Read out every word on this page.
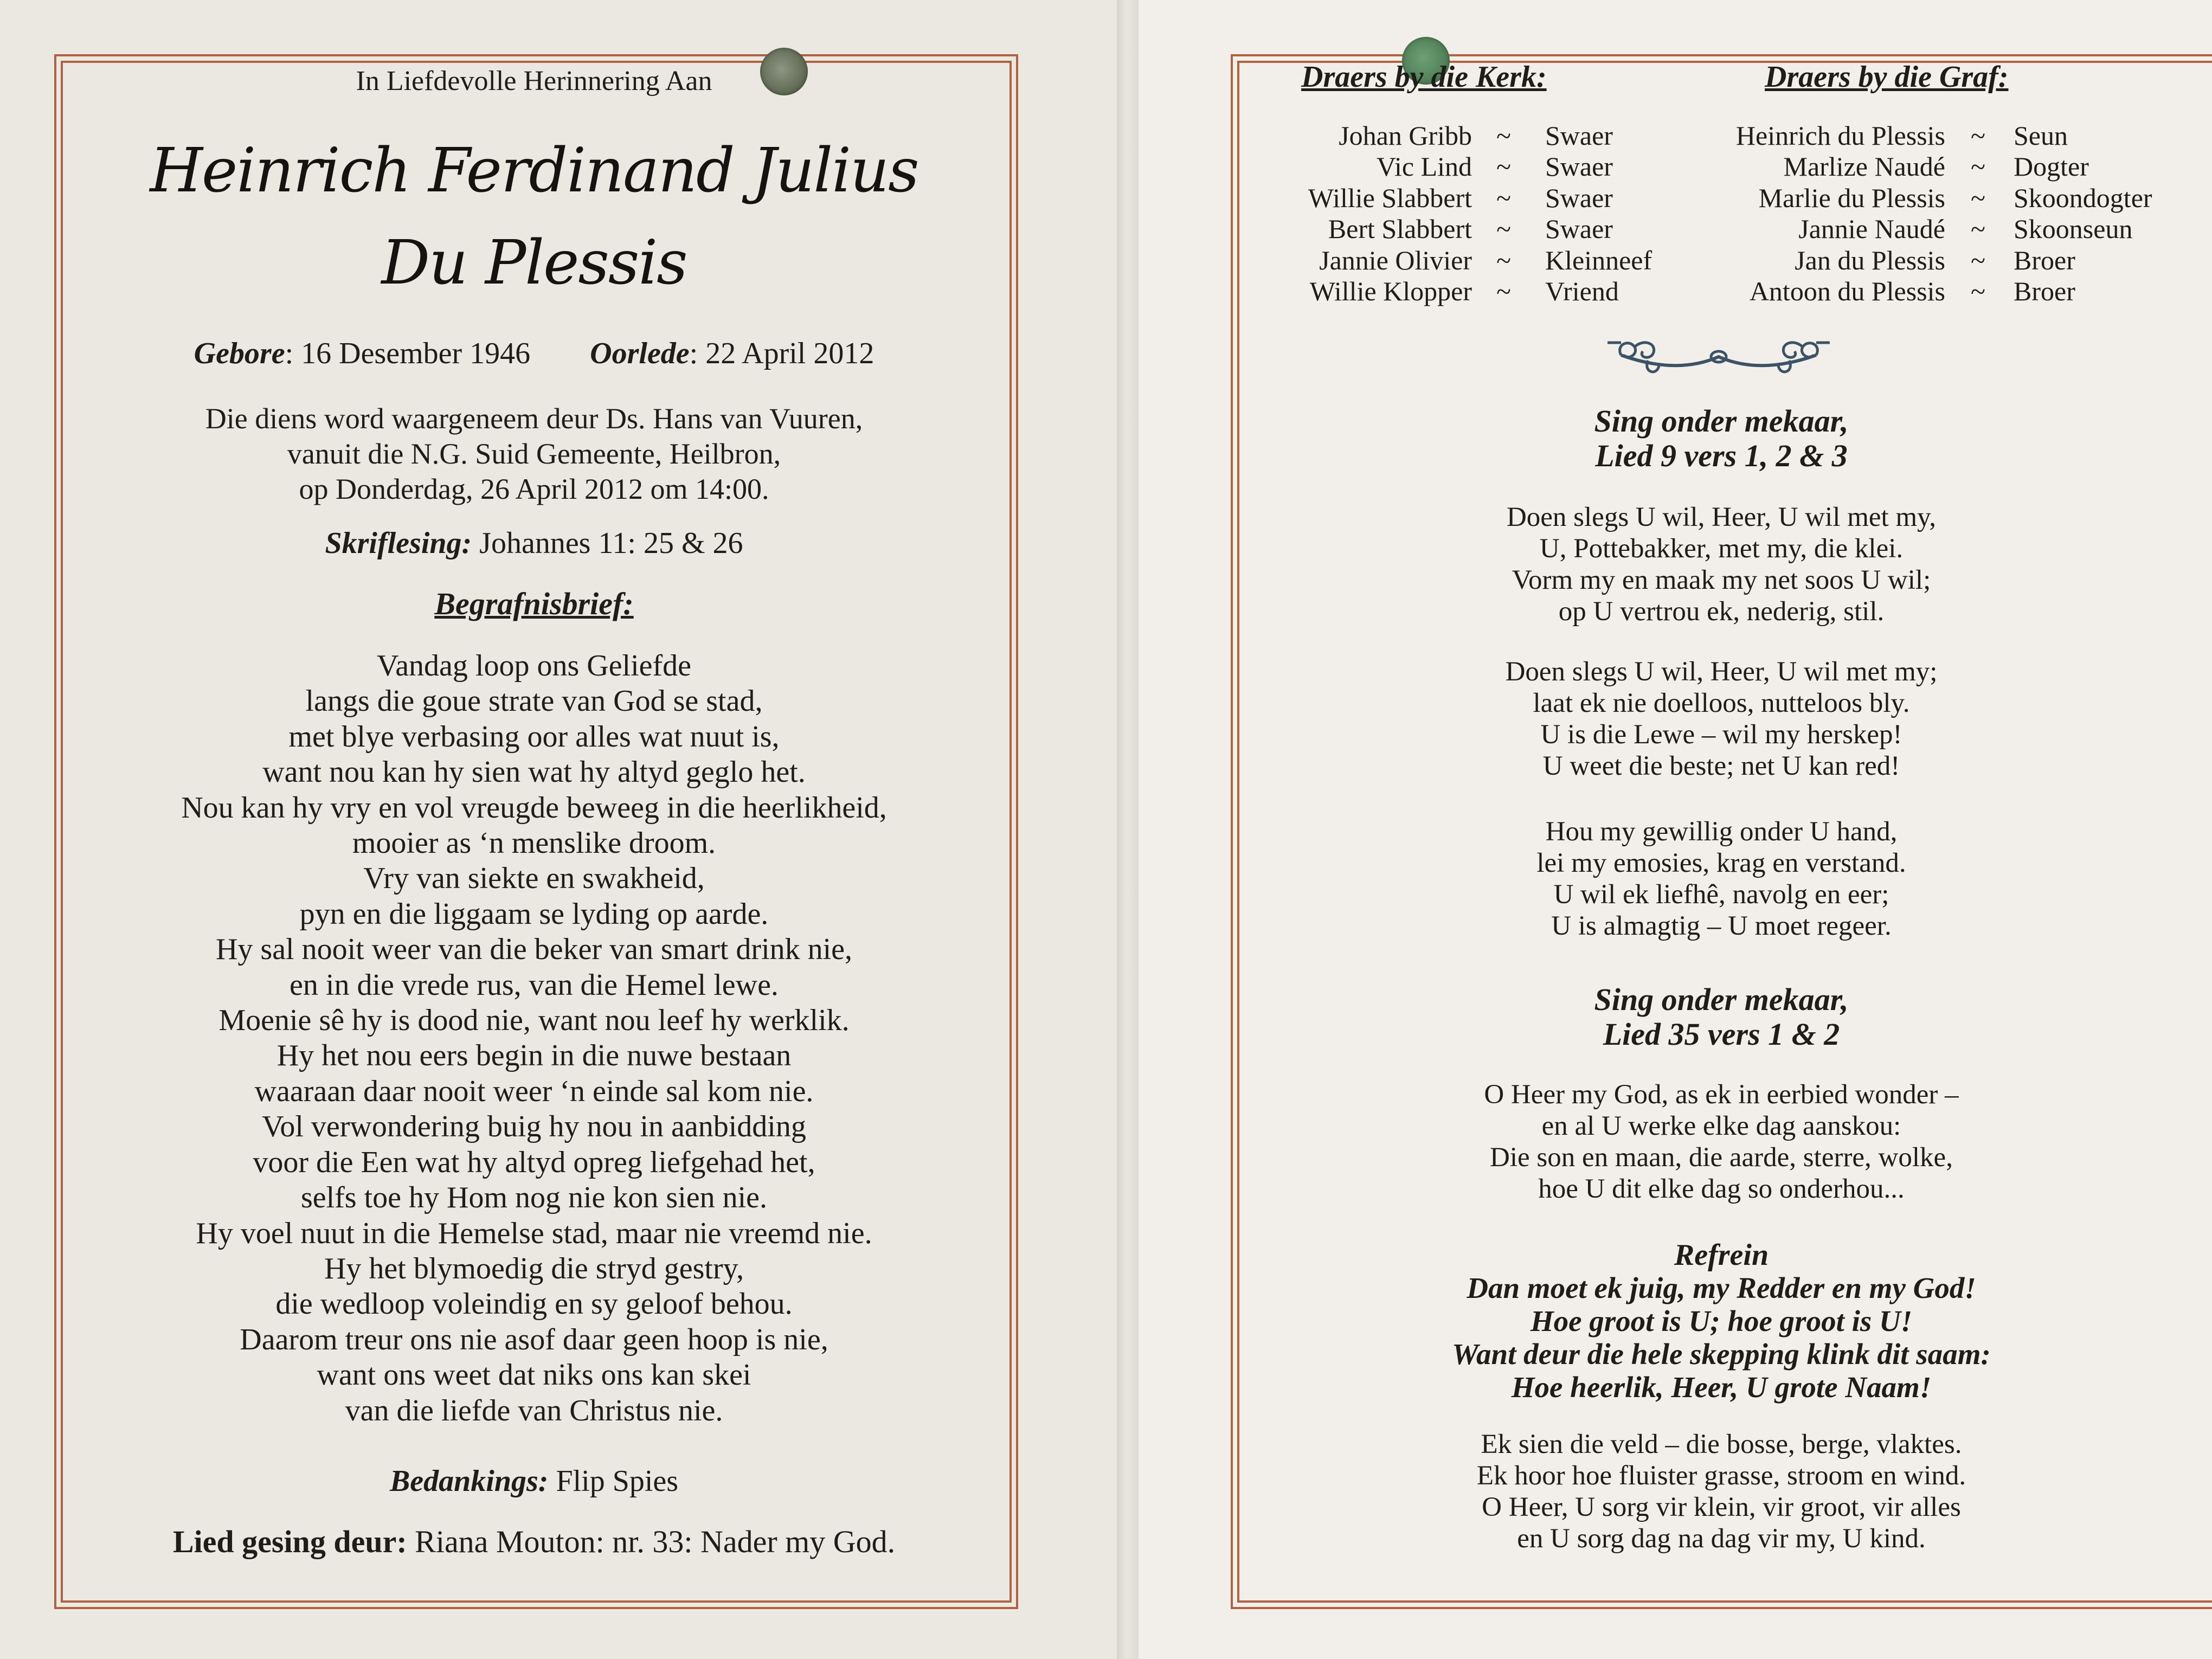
In Liefdevolle Herinnering Aan
Heinrich Ferdinand Julius
Du Plessis
Gebore: 16 Desember 1946 Oorlede: 22 April 2012
Die diens word waargeneem deur Ds. Hans van Vuuren,
vanuit die N.G. Suid Gemeente, Heilbron,
op Donderdag, 26 April 2012 om 14:00.
Skriflesing: Johannes 11: 25 & 26
Begrafnisbrief:
Vandag loop ons Geliefde
langs die goue strate van God se stad,
met blye verbasing oor alles wat nuut is,
want nou kan hy sien wat hy altyd geglo het.
Nou kan hy vry en vol vreugde beweeg in die heerlikheid,
mooier as ‘n menslike droom.
Vry van siekte en swakheid,
pyn en die liggaam se lyding op aarde.
Hy sal nooit weer van die beker van smart drink nie,
en in die vrede rus, van die Hemel lewe.
Moenie sê hy is dood nie, want nou leef hy werklik.
Hy het nou eers begin in die nuwe bestaan
waaraan daar nooit weer ‘n einde sal kom nie.
Vol verwondering buig hy nou in aanbidding
voor die Een wat hy altyd opreg liefgehad het,
selfs toe hy Hom nog nie kon sien nie.
Hy voel nuut in die Hemelse stad, maar nie vreemd nie.
Hy het blymoedig die stryd gestry,
die wedloop voleindig en sy geloof behou.
Daarom treur ons nie asof daar geen hoop is nie,
want ons weet dat niks ons kan skei
van die liefde van Christus nie.
Bedankings: Flip Spies
Lied gesing deur: Riana Mouton: nr. 33: Nader my God.
Draers by die Kerk:	Draers by die Graf:
Johan Gribb
Vic Lind
Willie Slabbert
Bert Slabbert
Jannie Olivier
Willie Klopper
~
~
~
~
~
~
Swaer
Swaer
Swaer
Swaer
Kleinneef
Vriend
Heinrich du Plessis
Marlize Naudé
Marlie du Plessis
Jannie Naudé
Jan du Plessis
Antoon du Plessis
~
~
~
~
~
~
Seun
Dogter
Skoondogter
Skoonseun
Broer
Broer
Sing onder mekaar,
Lied 9 vers 1, 2 & 3
Doen slegs U wil, Heer, U wil met my,
U, Pottebakker, met my, die klei.
Vorm my en maak my net soos U wil;
op U vertrou ek, nederig, stil.
Doen slegs U wil, Heer, U wil met my;
laat ek nie doelloos, nutteloos bly.
U is die Lewe – wil my herskep!
U weet die beste; net U kan red!
Hou my gewillig onder U hand,
lei my emosies, krag en verstand.
U wil ek liefhê, navolg en eer;
U is almagtig – U moet regeer.
Sing onder mekaar,
Lied 35 vers 1 & 2
O Heer my God, as ek in eerbied wonder –
en al U werke elke dag aanskou:
Die son en maan, die aarde, sterre, wolke,
hoe U dit elke dag so onderhou...
Refrein
Dan moet ek juig, my Redder en my God!
Hoe groot is U; hoe groot is U!
Want deur die hele skepping klink dit saam:
Hoe heerlik, Heer, U grote Naam!
Ek sien die veld – die bosse, berge, vlaktes.
Ek hoor hoe fluister grasse, stroom en wind.
O Heer, U sorg vir klein, vir groot, vir alles
en U sorg dag na dag vir my, U kind.
